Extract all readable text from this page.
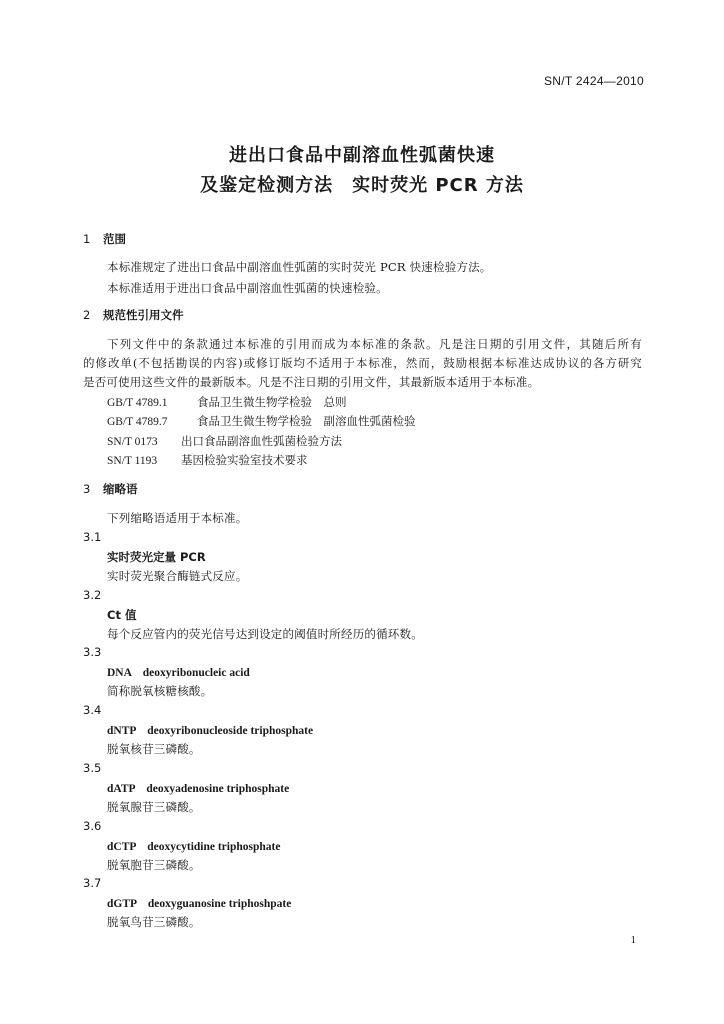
SN/T 2424—2010
进出口食品中副溶血性弧菌快速
及鉴定检测方法　实时荧光 PCR 方法
1 范围
本标准规定了进出口食品中副溶血性弧菌的实时荧光 PCR 快速检验方法。
本标准适用于进出口食品中副溶血性弧菌的快速检验。
2 规范性引用文件
下列文件中的条款通过本标准的引用而成为本标准的条款。凡是注日期的引用文件，其随后所有
的修改单(不包括勘误的内容)或修订版均不适用于本标准，然而，鼓励根据本标准达成协议的各方研究
是否可使用这些文件的最新版本。凡是不注日期的引用文件，其最新版本适用于本标准。
GB/T 4789.1	食品卫生微生物学检验　总则
GB/T 4789.7	食品卫生微生物学检验　副溶血性弧菌检验
SN/T 0173 出口食品副溶血性弧菌检验方法
SN/T 1193 基因检验实验室技术要求
3 缩略语
下列缩略语适用于本标准。
3.1
实时荧光定量 PCR
实时荧光聚合酶链式反应。
3.2
Ct 值
每个反应管内的荧光信号达到设定的阈值时所经历的循环数。
3.3
DNA　deoxyribonucleic acid
简称脱氧核糖核酸。
3.4
dNTP　deoxyribonucleoside triphosphate
脱氧核苷三磷酸。
3.5
dATP　deoxyadenosine triphosphate
脱氧腺苷三磷酸。
3.6
dCTP　deoxycytidine triphosphate
脱氧胞苷三磷酸。
3.7
dGTP　deoxyguanosine triphoshpate
脱氧鸟苷三磷酸。
1
